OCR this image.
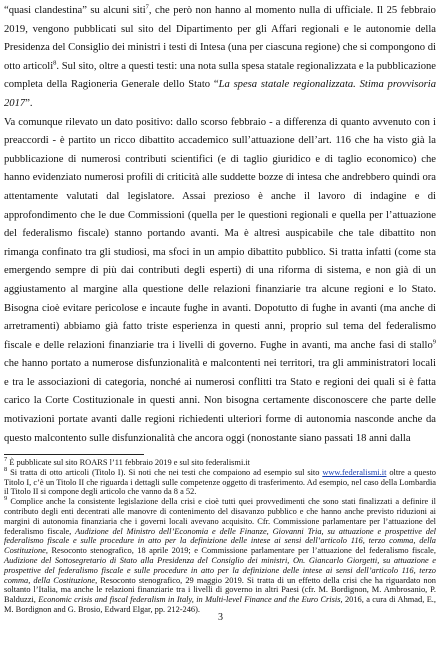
“quasi clandestina” su alcuni siti$^7$, che però non hanno al momento nulla di ufficiale. Il 25 febbraio 2019, vengono pubblicati sul sito del Dipartimento per gli Affari regionali e le autonomie della Presidenza del Consiglio dei ministri i testi di Intesa (una per ciascuna regione) che si compongono di otto articoli$^8$. Sul sito, oltre a questi testi: una nota sulla spesa statale regionalizzata e la pubblicazione completa della Ragioneria Generale dello Stato “La spesa statale regionalizzata. Stima provvisoria 2017”.

Va comunque rilevato un dato positivo: dallo scorso febbraio - a differenza di quanto avvenuto con i preaccordi - è partito un ricco dibattito accademico sull’attuazione dell’art. 116 che ha visto già la pubblicazione di numerosi contributi scientifici (e di taglio giuridico e di taglio economico) che hanno evidenziato numerosi profili di criticità alle suddette bozze di intesa che andrebbero quindi ora attentamente valutati dal legislatore. Assai prezioso è anche il lavoro di indagine e di approfondimento che le due Commissioni (quella per le questioni regionali e quella per l’attuazione del federalismo fiscale) stanno portando avanti. Ma è altresì auspicabile che tale dibattito non rimanga confinato tra gli studiosi, ma sfoci in un ampio dibattito pubblico. Si tratta infatti (come sta emergendo sempre di più dai contributi degli esperti) di una riforma di sistema, e non già di un aggiustamento al margine alla questione delle relazioni finanziarie tra alcune regioni e lo Stato. Bisogna cioè evitare pericolose e incaute fughe in avanti. Dopotutto di fughe in avanti (ma anche di arretramenti) abbiamo già fatto triste esperienza in questi anni, proprio sul tema del federalismo fiscale e delle relazioni finanziarie tra i livelli di governo. Fughe in avanti, ma anche fasi di stallo$^9$ che hanno portato a numerose disfunzionalità e malcontenti nei territori, tra gli amministratori locali e tra le associazioni di categoria, nonché ai numerosi conflitti tra Stato e regioni dei quali si è fatta carico la Corte Costituzionale in questi anni. Non bisogna certamente disconoscere che parte delle motivazioni portate avanti dalle regioni richiedenti ulteriori forme di autonomia nasconde anche da questo malcontento sulle disfunzionalità che ancora oggi (nonostante siano passati 18 anni dalla

$^7$ È pubblicate sul sito ROARS l’11 febbraio 2019 e sul sito federalismi.it

$^8$ Si tratta di otto articoli (Titolo I). Si noti che nei testi che compaiono ad esempio sul sito www.federalismi.it oltre a questo Titolo I, c’è un Titolo II che riguarda i dettagli sulle competenze oggetto di trasferimento. Ad esempio, nel caso della Lombardia il Titolo II si compone degli articolo che vanno da 8 a 52.

$^9$ Complice anche la consistente legislazione della crisi e cioè tutti quei provvedimenti che sono stati finalizzati a definire il contributo degli enti decentrati alle manovre di contenimento del disavanzo pubblico e che hanno anche previsto riduzioni ai margini di autonomia finanziaria che i governi locali avevano acquisito. Cfr. Commissione parlamentare per l’attuazione del federalismo fiscale, Audizione del Ministro dell’Economia e delle Finanze, Giovanni Tria, su attuazione e prospettive del federalismo fiscale e sulle procedure in atto per la definizione delle intese ai sensi dell’articolo 116, terzo comma, della Costituzione, Resoconto stenografico, 18 aprile 2019; e Commissione parlamentare per l’attuazione del federalismo fiscale, Audizione del Sottosegretario di Stato alla Presidenza del Consiglio dei ministri, On. Giancarlo Giorgetti, su attuazione e prospettive del federalismo fiscale e sulle procedure in atto per la definizione delle intese ai sensi dell’articolo 116, terzo comma, della Costituzione, Resoconto stenografico, 29 maggio 2019. Si tratta di un effetto della crisi che ha riguardato non soltanto l’Italia, ma anche le relazioni finanziarie tra i livelli di governo in altri Paesi (cfr. M. Bordignon, M. Ambrosanio, P. Balduzzi, Economic crisis and fiscal federalism in Italy, in Multi-level Finance and the Euro Crisis, 2016, a cura di Ahmad, E., M. Bordignon and G. Brosio, Edward Elgar, pp. 212-246).

3
